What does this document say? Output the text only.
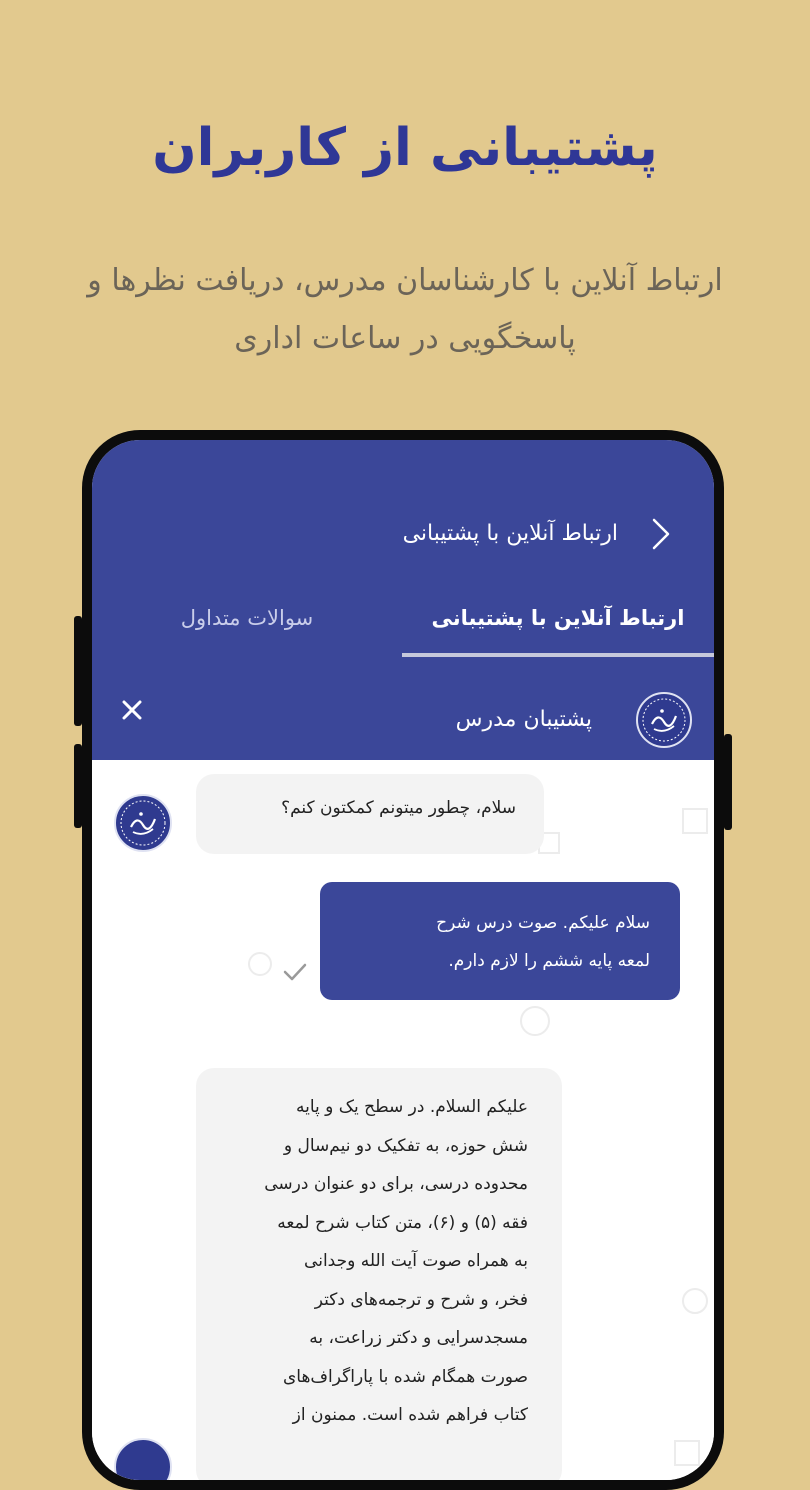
پشتیبانی از کاربران
ارتباط آنلاین با کارشناسان مدرس، دریافت نظرها و
پاسخگویی در ساعات اداری
ارتباط آنلاین با پشتیبانی
ارتباط آنلاین با پشتیبانی
سوالات متداول
پشتیبان مدرس
سلام، چطور میتونم کمکتون کنم؟
سلام علیکم. صوت درس شرح
لمعه پایه ششم را لازم دارم.
علیکم السلام. در سطح یک و پایه
شش حوزه، به تفکیک دو نیم‌سال و
محدوده درسی، برای دو عنوان درسی
فقه (۵) و (۶)، متن کتاب شرح لمعه
به همراه صوت آیت الله وجدانی
فخر، و شرح و ترجمه‌های دکتر
مسجدسرایی و دکتر زراعت، به
صورت همگام شده با پاراگراف‌های
کتاب فراهم شده است. ممنون از
